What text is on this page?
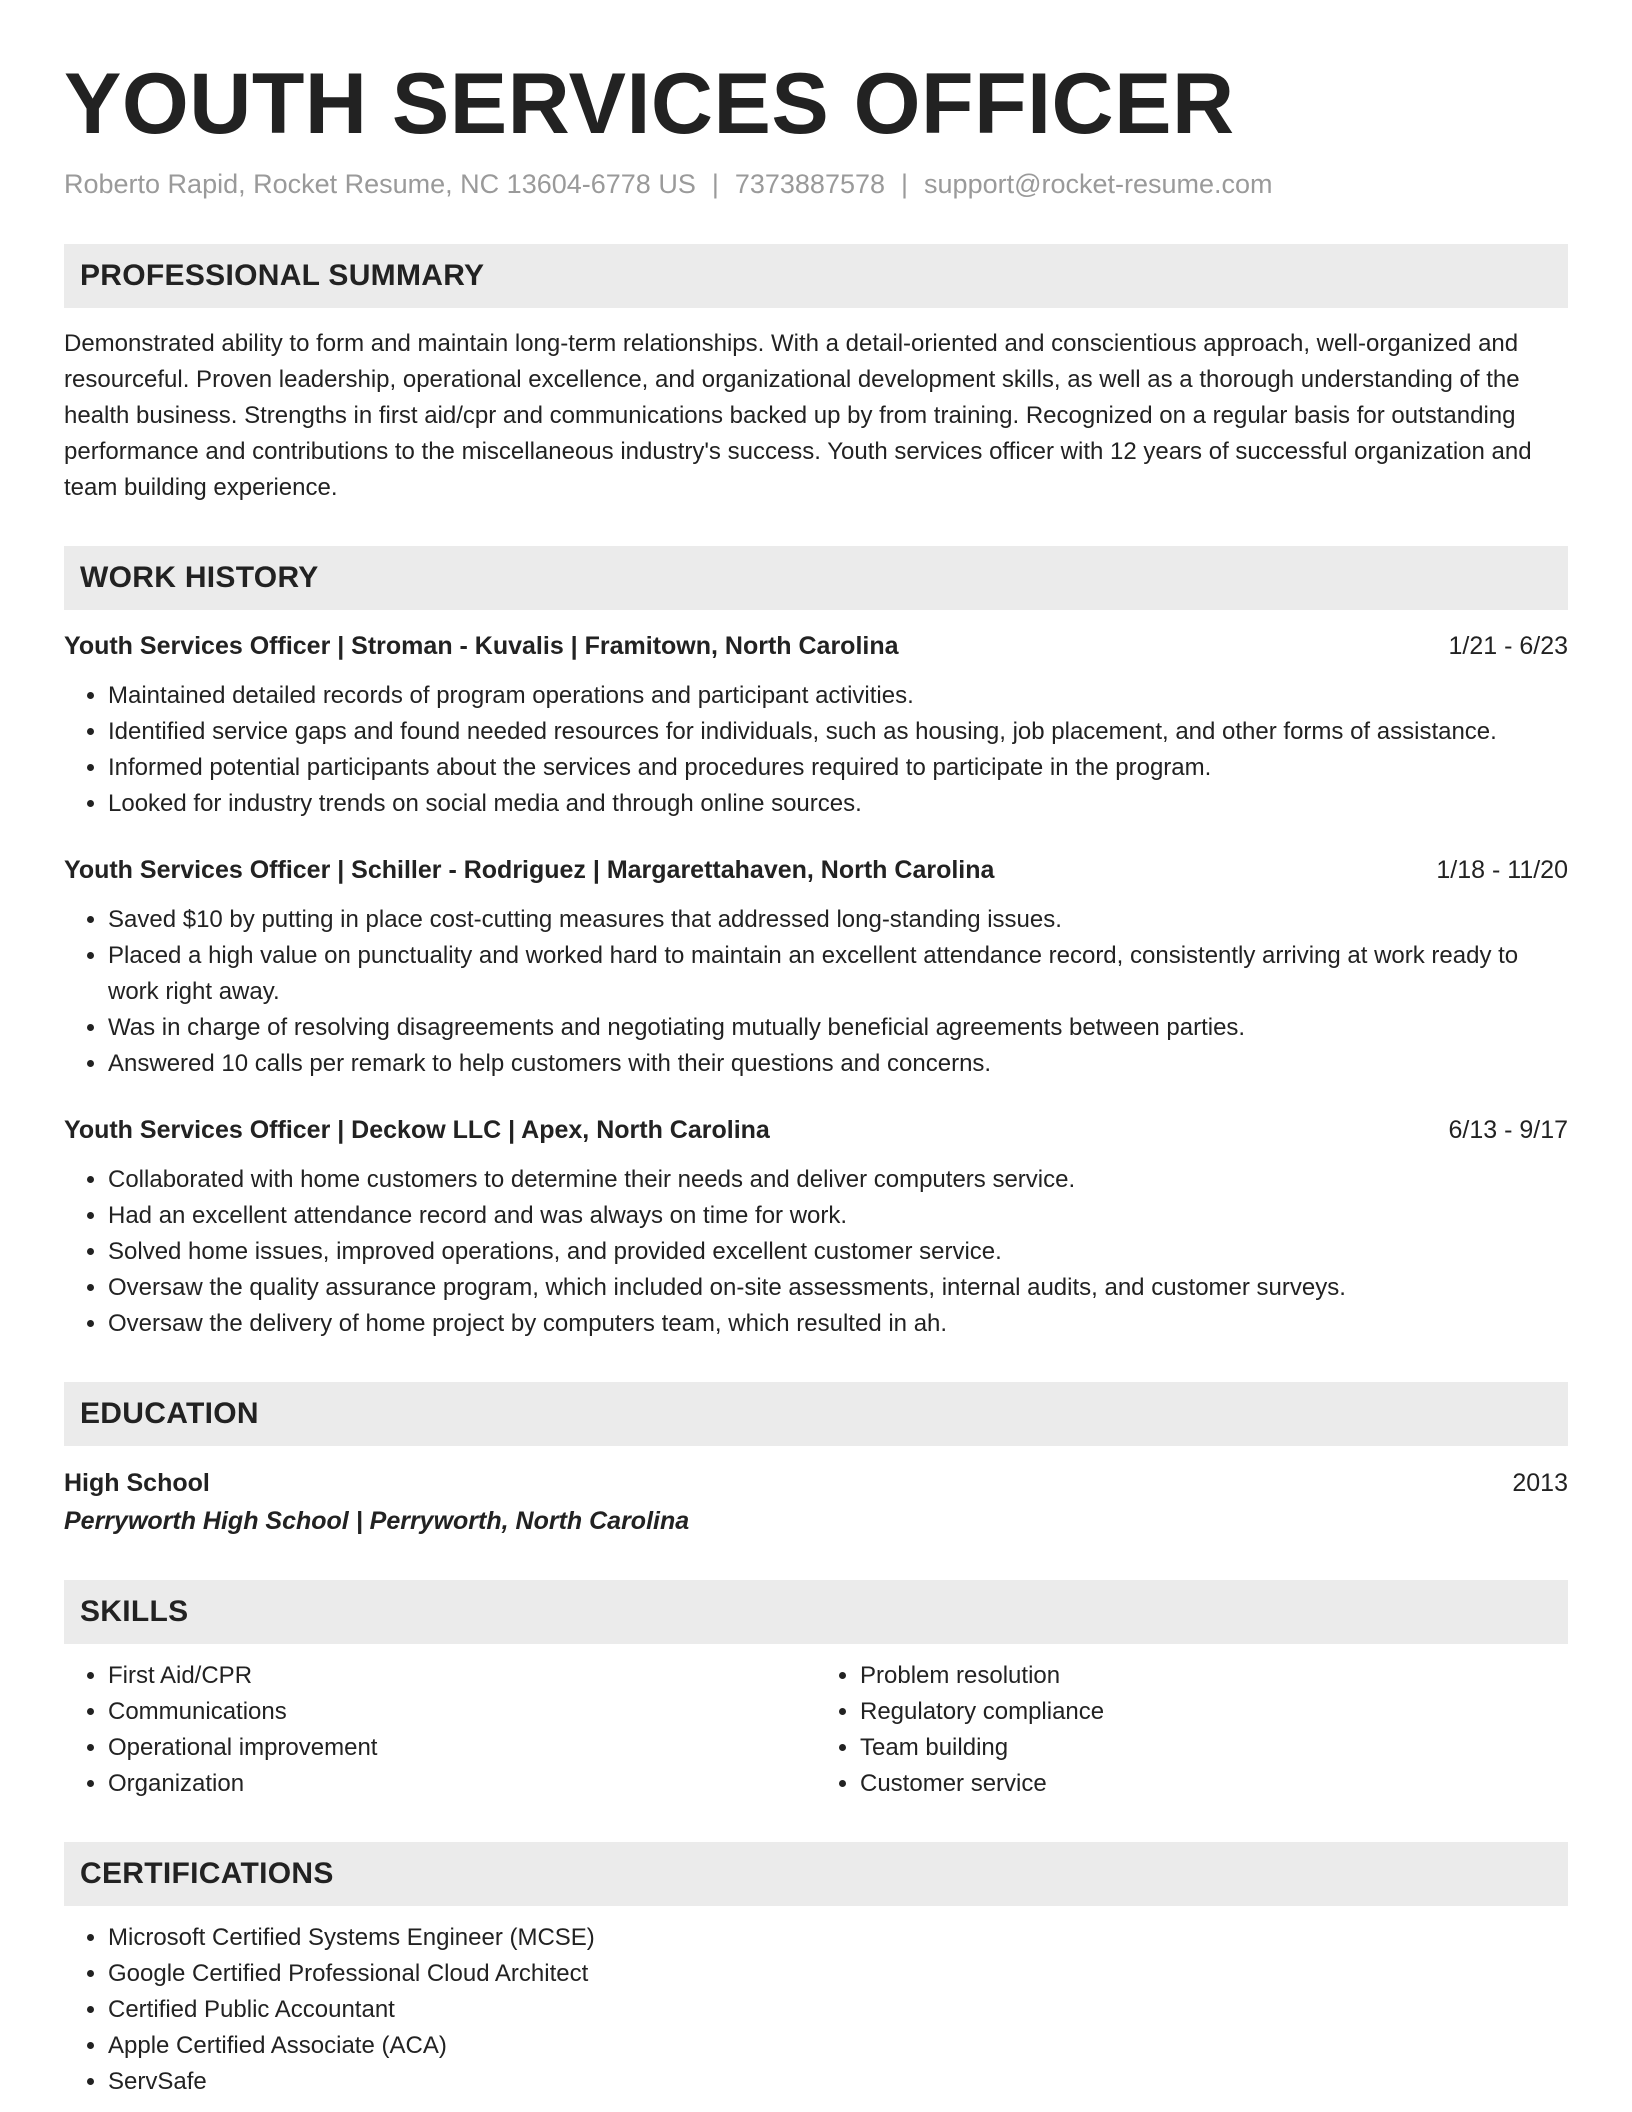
YOUTH SERVICES OFFICER
Roberto Rapid, Rocket Resume, NC 13604-6778 US | 7373887578 | support@rocket-resume.com
PROFESSIONAL SUMMARY
Demonstrated ability to form and maintain long-term relationships. With a detail-oriented and conscientious approach, well-organized and resourceful. Proven leadership, operational excellence, and organizational development skills, as well as a thorough understanding of the health business. Strengths in first aid/cpr and communications backed up by from training. Recognized on a regular basis for outstanding performance and contributions to the miscellaneous industry's success. Youth services officer with 12 years of successful organization and team building experience.
WORK HISTORY
Youth Services Officer | Stroman - Kuvalis | Framitown, North Carolina	1/21 - 6/23
• Maintained detailed records of program operations and participant activities.
• Identified service gaps and found needed resources for individuals, such as housing, job placement, and other forms of assistance.
• Informed potential participants about the services and procedures required to participate in the program.
• Looked for industry trends on social media and through online sources.
Youth Services Officer | Schiller - Rodriguez | Margarettahaven, North Carolina	1/18 - 11/20
• Saved $10 by putting in place cost-cutting measures that addressed long-standing issues.
• Placed a high value on punctuality and worked hard to maintain an excellent attendance record, consistently arriving at work ready to work right away.
• Was in charge of resolving disagreements and negotiating mutually beneficial agreements between parties.
• Answered 10 calls per remark to help customers with their questions and concerns.
Youth Services Officer | Deckow LLC | Apex, North Carolina	6/13 - 9/17
• Collaborated with home customers to determine their needs and deliver computers service.
• Had an excellent attendance record and was always on time for work.
• Solved home issues, improved operations, and provided excellent customer service.
• Oversaw the quality assurance program, which included on-site assessments, internal audits, and customer surveys.
• Oversaw the delivery of home project by computers team, which resulted in ah.
EDUCATION
High School	2013
Perryworth High School | Perryworth, North Carolina
SKILLS
• First Aid/CPR
• Communications
• Operational improvement
• Organization
• Problem resolution
• Regulatory compliance
• Team building
• Customer service
CERTIFICATIONS
• Microsoft Certified Systems Engineer (MCSE)
• Google Certified Professional Cloud Architect
• Certified Public Accountant
• Apple Certified Associate (ACA)
• ServSafe
